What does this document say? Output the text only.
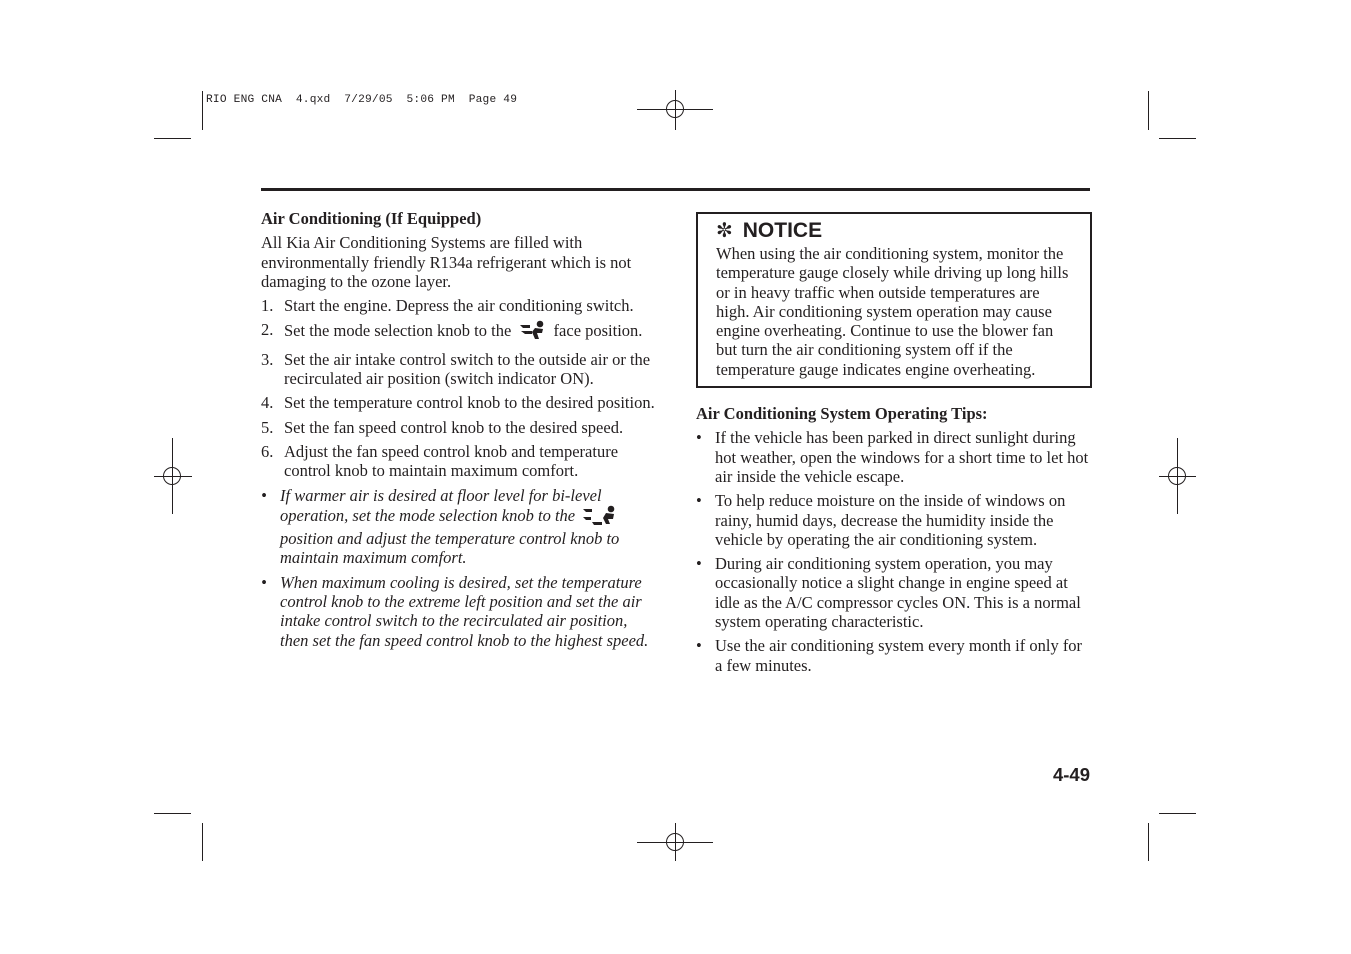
RIO ENG CNA  4.qxd  7/29/05  5:06 PM  Page 49

Air Conditioning (If Equipped)

All Kia Air Conditioning Systems are filled with environmentally friendly R134a refrigerant which is not damaging to the ozone layer.

1. Start the engine. Depress the air conditioning switch.
2. Set the mode selection knob to the	face position.
3. Set the air intake control switch to the outside air or the recirculated air position (switch indicator ON).
4. Set the temperature control knob to the desired position.
5. Set the fan speed control knob to the desired speed.
6. Adjust the fan speed control knob and temperature control knob to maintain maximum comfort.
• If warmer air is desired at floor level for bi-level operation, set the mode selection knob to the  position and adjust the temperature control knob to maintain maximum comfort.
• When maximum cooling is desired, set the temperature control knob to the extreme left position and set the air intake control switch to the recirculated air position, then set the fan speed control knob to the highest speed.
✼ NOTICE

When using the air conditioning system, monitor the temperature gauge closely while driving up long hills or in heavy traffic when outside temperatures are high. Air conditioning system operation may cause engine overheating. Continue to use the blower fan but turn the air conditioning system off if the temperature gauge indicates engine overheating.

Air Conditioning System Operating Tips:

• If the vehicle has been parked in direct sunlight during hot weather, open the windows for a short time to let hot air inside the vehicle escape.
• To help reduce moisture on the inside of windows on rainy, humid days, decrease the humidity inside the vehicle by operating the air conditioning system.
• During air conditioning system operation, you may occasionally notice a slight change in engine speed at idle as the A/C compressor cycles ON. This is a normal system operating characteristic.
• Use the air conditioning system every month if only for a few minutes.
4-49
